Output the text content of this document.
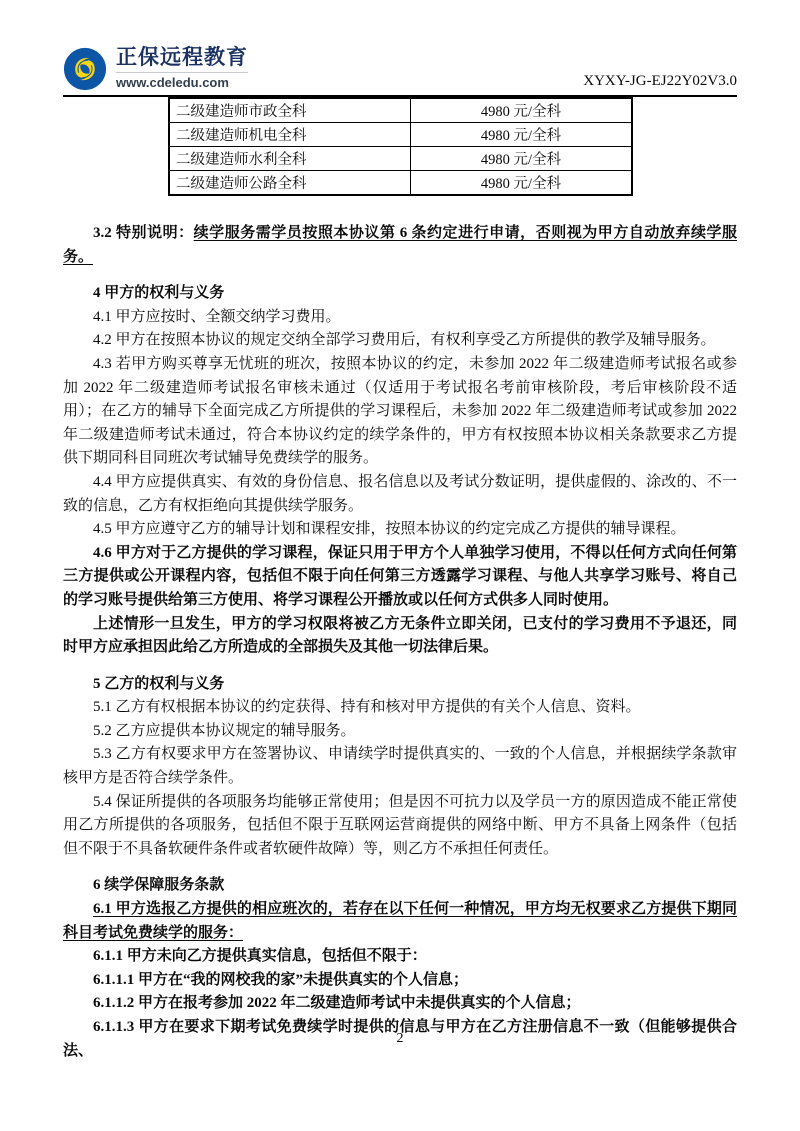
正保远程教育
www.cdeledu.com	XYXY-JG-EJ22Y02V3.0
二级建造师市政全科	4980 元/全科
二级建造师机电全科	4980 元/全科
二级建造师水利全科	4980 元/全科
二级建造师公路全科	4980 元/全科
3.2 特别说明：续学服务需学员按照本协议第 6 条约定进行申请，否则视为甲方自动放弃续学服务。
4 甲方的权利与义务
4.1 甲方应按时、全额交纳学习费用。
4.2 甲方在按照本协议的规定交纳全部学习费用后，有权利享受乙方所提供的教学及辅导服务。
4.3 若甲方购买尊享无忧班的班次，按照本协议的约定，未参加 2022 年二级建造师考试报名或参加 2022 年二级建造师考试报名审核未通过（仅适用于考试报名考前审核阶段，考后审核阶段不适用）；在乙方的辅导下全面完成乙方所提供的学习课程后，未参加 2022 年二级建造师考试或参加 2022 年二级建造师考试未通过，符合本协议约定的续学条件的，甲方有权按照本协议相关条款要求乙方提供下期同科目同班次考试辅导免费续学的服务。
4.4 甲方应提供真实、有效的身份信息、报名信息以及考试分数证明，提供虚假的、涂改的、不一致的信息，乙方有权拒绝向其提供续学服务。
4.5 甲方应遵守乙方的辅导计划和课程安排，按照本协议的约定完成乙方提供的辅导课程。
4.6 甲方对于乙方提供的学习课程，保证只用于甲方个人单独学习使用，不得以任何方式向任何第三方提供或公开课程内容，包括但不限于向任何第三方透露学习课程、与他人共享学习账号、将自己的学习账号提供给第三方使用、将学习课程公开播放或以任何方式供多人同时使用。
上述情形一旦发生，甲方的学习权限将被乙方无条件立即关闭，已支付的学习费用不予退还，同时甲方应承担因此给乙方所造成的全部损失及其他一切法律后果。
5 乙方的权利与义务
5.1 乙方有权根据本协议的约定获得、持有和核对甲方提供的有关个人信息、资料。
5.2 乙方应提供本协议规定的辅导服务。
5.3 乙方有权要求甲方在签署协议、申请续学时提供真实的、一致的个人信息，并根据续学条款审核甲方是否符合续学条件。
5.4 保证所提供的各项服务均能够正常使用；但是因不可抗力以及学员一方的原因造成不能正常使用乙方所提供的各项服务，包括但不限于互联网运营商提供的网络中断、甲方不具备上网条件（包括但不限于不具备软硬件条件或者软硬件故障）等，则乙方不承担任何责任。
6 续学保障服务条款
6.1 甲方选报乙方提供的相应班次的，若存在以下任何一种情况，甲方均无权要求乙方提供下期同科目考试免费续学的服务：
6.1.1 甲方未向乙方提供真实信息，包括但不限于：
6.1.1.1 甲方在“我的网校我的家”未提供真实的个人信息；
6.1.1.2 甲方在报考参加 2022 年二级建造师考试中未提供真实的个人信息；
6.1.1.3 甲方在要求下期考试免费续学时提供的信息与甲方在乙方注册信息不一致（但能够提供合法、
2
